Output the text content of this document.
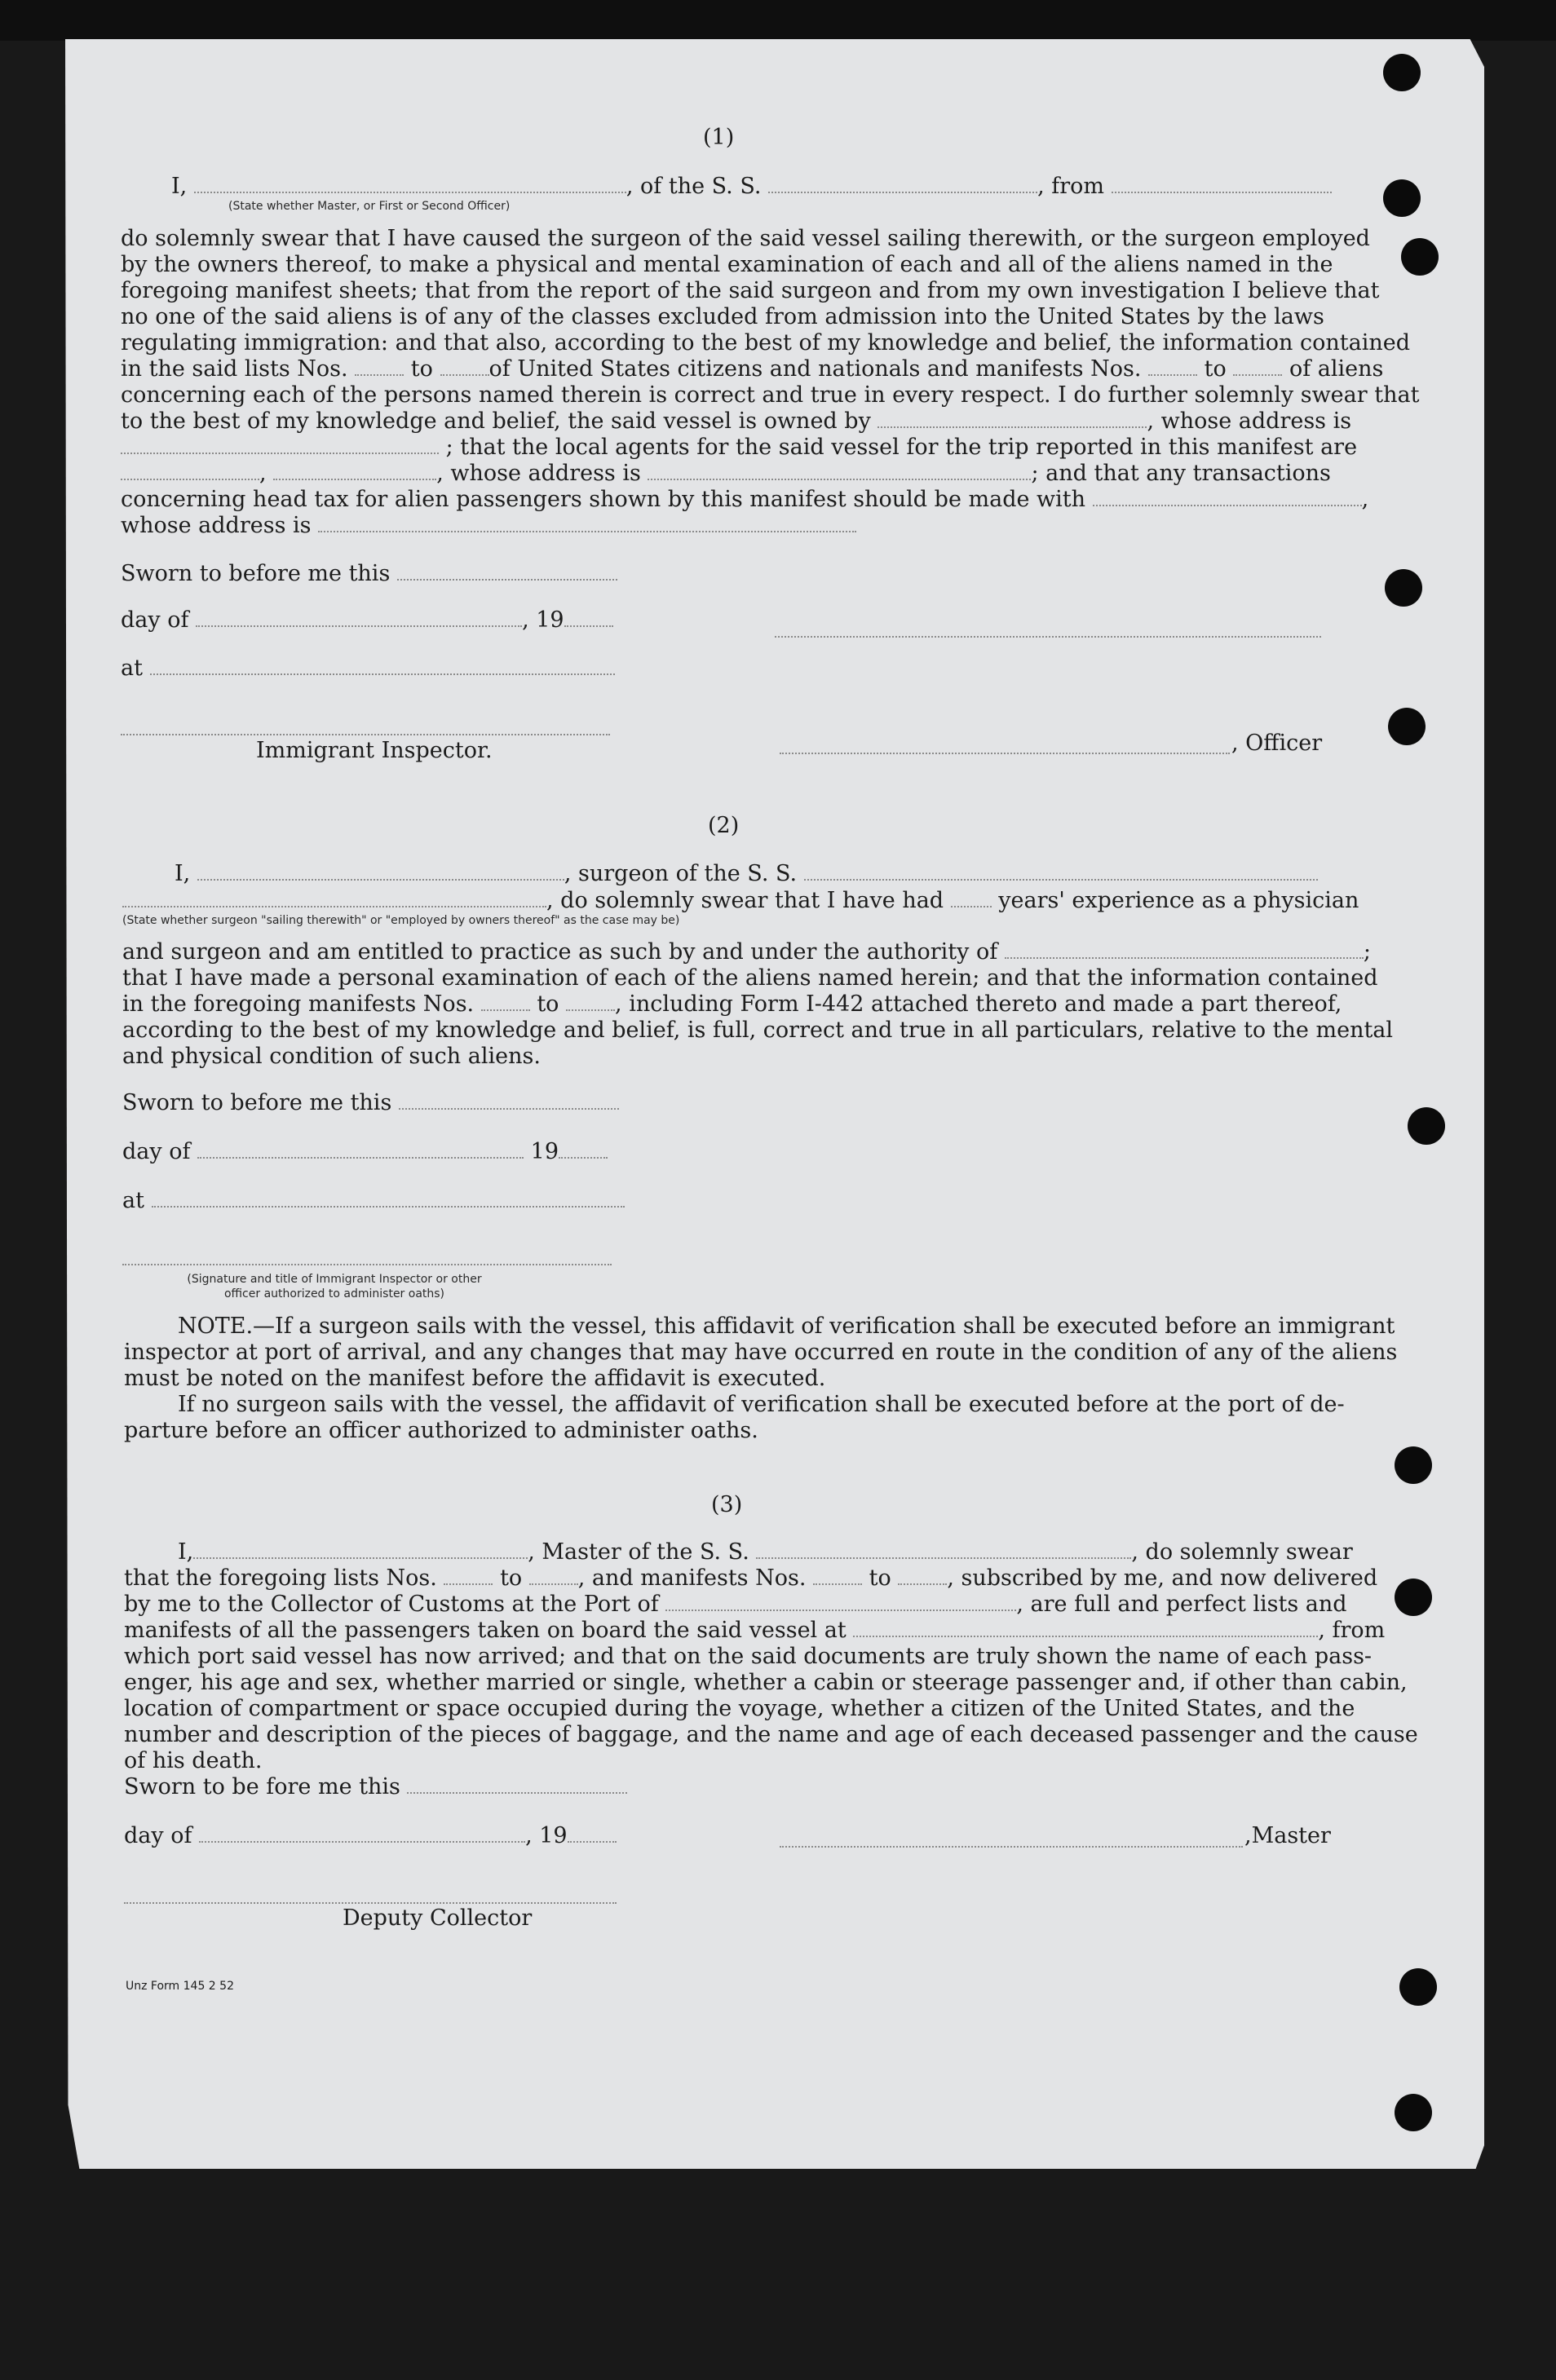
(1)
I,	, of the S. S.	, from
(State whether Master, or First or Second Officer)
do solemnly swear that I have caused the surgeon of the said vessel sailing therewith, or the surgeon employed
by the owners thereof, to make a physical and mental examination of each and all of the aliens named in the
foregoing manifest sheets; that from the report of the said surgeon and from my own investigation I believe that
no one of the said aliens is of any of the classes excluded from admission into the United States by the laws
regulating immigration: and that also, according to the best of my knowledge and belief, the information contained
in the said lists Nos.	to	of United States citizens and nationals and manifests Nos.	to	of aliens
concerning each of the persons named therein is correct and true in every respect. I do further solemnly swear that
to the best of my knowledge and belief, the said vessel is owned by	, whose address is
; that the local agents for the said vessel for the trip reported in this manifest are
,	, whose address is	; and that any transactions
concerning head tax for alien passengers shown by this manifest should be made with	,
whose address is
Sworn to before me this
day of	, 19
at
Immigrant Inspector.	, Officer
(2)
I,	, surgeon of the S. S.
, do solemnly swear that I have had years' experience as a physician
(State whether surgeon "sailing therewith" or "employed by owners thereof" as the case may be)
and surgeon and am entitled to practice as such by and under the authority of	;
that I have made a personal examination of each of the aliens named herein; and that the information contained
in the foregoing manifests Nos.	to	, including Form I-442 attached thereto and made a part thereof,
according to the best of my knowledge and belief, is full, correct and true in all particulars, relative to the mental
and physical condition of such aliens.
Sworn to before me this
day of	19
at
(Signature and title of Immigrant Inspector or other
officer authorized to administer oaths)
NOTE.—If a surgeon sails with the vessel, this affidavit of verification shall be executed before an immigrant
inspector at port of arrival, and any changes that may have occurred en route in the condition of any of the aliens
must be noted on the manifest before the affidavit is executed.
If no surgeon sails with the vessel, the affidavit of verification shall be executed before at the port of de-
parture before an officer authorized to administer oaths.
(3)
I,	, Master of the S. S.	, do solemnly swear
that the foregoing lists Nos.	to	, and manifests Nos.	to	, subscribed by me, and now delivered
by me to the Collector of Customs at the Port of	, are full and perfect lists and
manifests of all the passengers taken on board the said vessel at	, from
which port said vessel has now arrived; and that on the said documents are truly shown the name of each pass-
enger, his age and sex, whether married or single, whether a cabin or steerage passenger and, if other than cabin,
location of compartment or space occupied during the voyage, whether a citizen of the United States, and the
number and description of the pieces of baggage, and the name and age of each deceased passenger and the cause
of his death.
Sworn to be fore me this
day of	, 19	,Master
Deputy Collector
Unz Form 145 2 52
